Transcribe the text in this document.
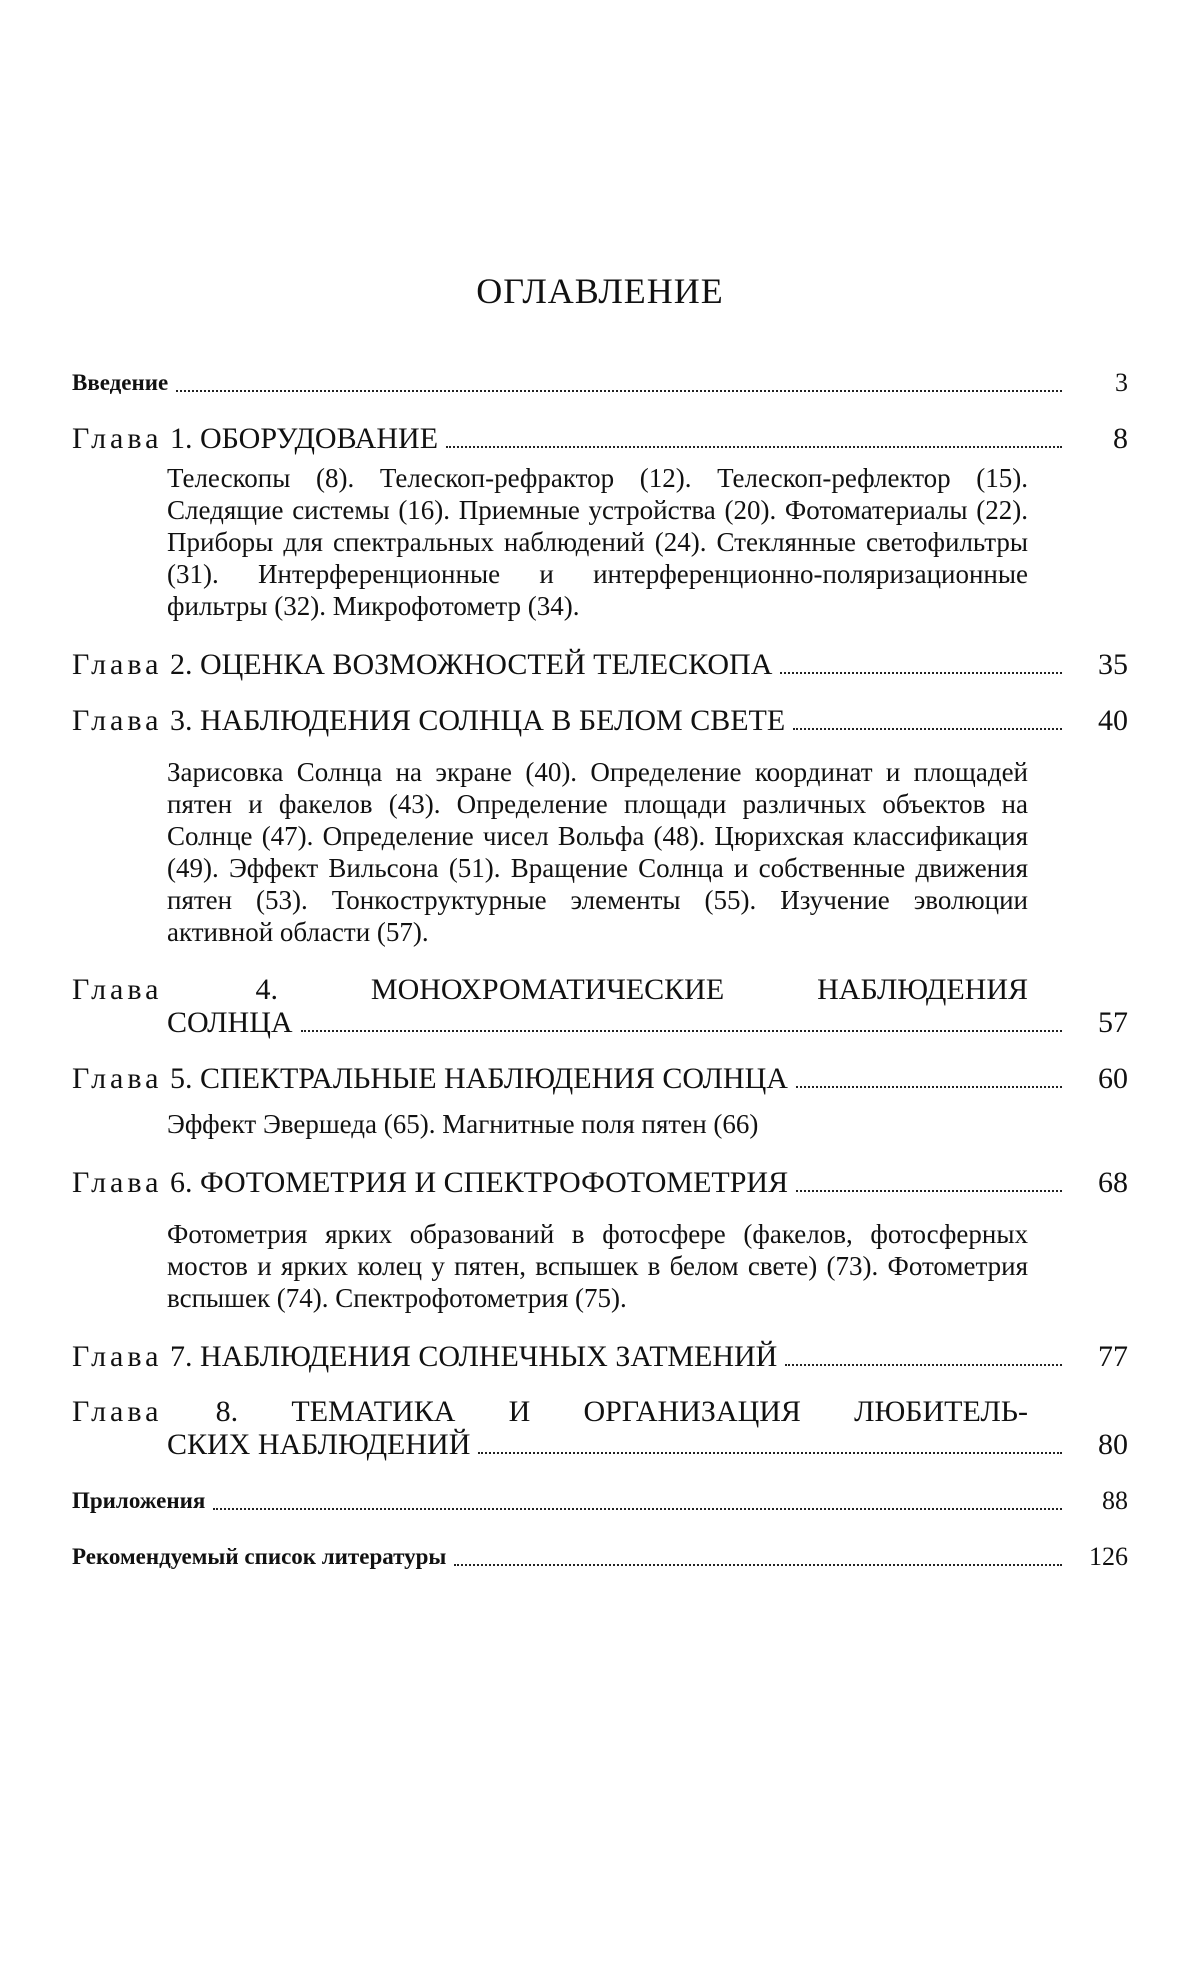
ОГЛАВЛЕНИЕ
Введение	3
Глава 1. ОБОРУДОВАНИЕ	8
Телескопы (8). Телескоп-рефрактор (12). Телескоп-рефлектор (15). Следящие системы (16). Приемные устройства (20). Фотоматериалы (22). Приборы для спектральных наблюдений (24). Стеклянные светофильтры (31). Интерференционные и интерференционно-поляризационные фильтры (32). Микрофотометр (34).
Глава 2. ОЦЕНКА ВОЗМОЖНОСТЕЙ ТЕЛЕСКОПА	35
Глава 3. НАБЛЮДЕНИЯ СОЛНЦА В БЕЛОМ СВЕТЕ	40
Зарисовка Солнца на экране (40). Определение координат и площадей пятен и факелов (43). Определение площади различных объектов на Солнце (47). Определение чисел Вольфа (48). Цюрихская классификация (49). Эффект Вильсона (51). Вращение Солнца и собственные движения пятен (53). Тонкоструктурные элементы (55). Изучение эволюции активной области (57).
Глава	4. МОНОХРОМАТИЧЕСКИЕ НАБЛЮДЕНИЯ
СОЛНЦА	57
Глава 5. СПЕКТРАЛЬНЫЕ НАБЛЮДЕНИЯ СОЛНЦА	60
Эффект Эвершеда (65). Магнитные поля пятен (66)
Глава 6. ФОТОМЕТРИЯ И СПЕКТРОФОТОМЕТРИЯ	68
Фотометрия ярких образований в фотосфере (факелов, фотосферных мостов и ярких колец у пятен, вспышек в белом свете) (73). Фотометрия вспышек (74). Спектрофотометрия (75).
Глава 7. НАБЛЮДЕНИЯ СОЛНЕЧНЫХ ЗАТМЕНИЙ	77
Глава 8. ТЕМАТИКА И ОРГАНИЗАЦИЯ ЛЮБИТЕЛЬ-
СКИХ НАБЛЮДЕНИЙ	80
Приложения	88
Рекомендуемый список литературы	126
